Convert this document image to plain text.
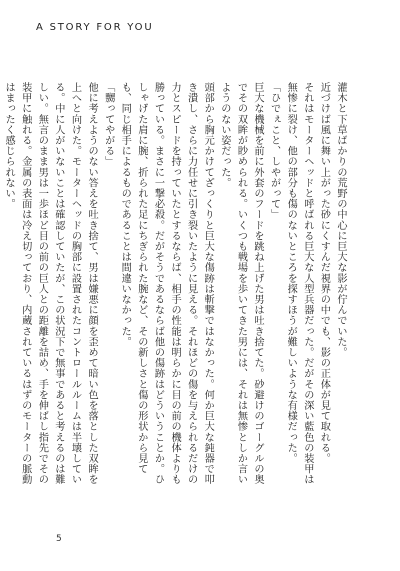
A STORY FOR YOU

灌木と下草ばかりの荒野の中心に巨大な影が佇んでいた。

近づけば風に舞い上がった砂にくすんだ視界の中でも、影の正体が見て取れる。

それはモーターヘッドと呼ばれる巨大な人型兵器だった。だがその深い藍色の装甲は無惨に裂け、他の部分も傷のないところを探すほうが難しいような有様だった。

「ひでぇこと、しやがって」

巨大な機械を前に外套のフードを跳ね上げた男は吐き捨てた。砂避けのゴーグルの奥でその双眸が眇められる。いくつも戦場を歩いてきた男には、それは無惨としか言いようのない姿だった。

頭部から胸元かけてざっくりと巨大な傷跡は斬撃ではなかった。何か巨大な鈍器で叩き潰し、さらに力任せに引き裂いたように見える。それほどの傷を与えられるだけの力とスピードを持っていたとするならば、相手の性能は明らかに目の前の機体よりも勝っている。まさに一撃必殺。だがそうであるならば他の傷跡はどういうことか。ひしゃげた肩に腕、折られた足にちぎられた腕など、その新しさと傷の形状から見ても、同じ相手によるものであることは間違いなかった。

「嬲ってやがる」

他に考えようのない答えを吐き捨て、男は嫌悪に顔を歪めて暗い色を落とした双眸を上へと向けた。モーターヘッドの胸部に設置されたコントロールルームは半壊している。中に人がいないことは確認していたが、この状況下で無事であると考えるのは難しい。無言のまま男は一歩ほど目の前の巨人との距離を詰め、手を伸ばし指先でその装甲に触れる。金属の表面は冷え切っており、内蔵されているはずのモーターの脈動はまったく感じられない。

5
